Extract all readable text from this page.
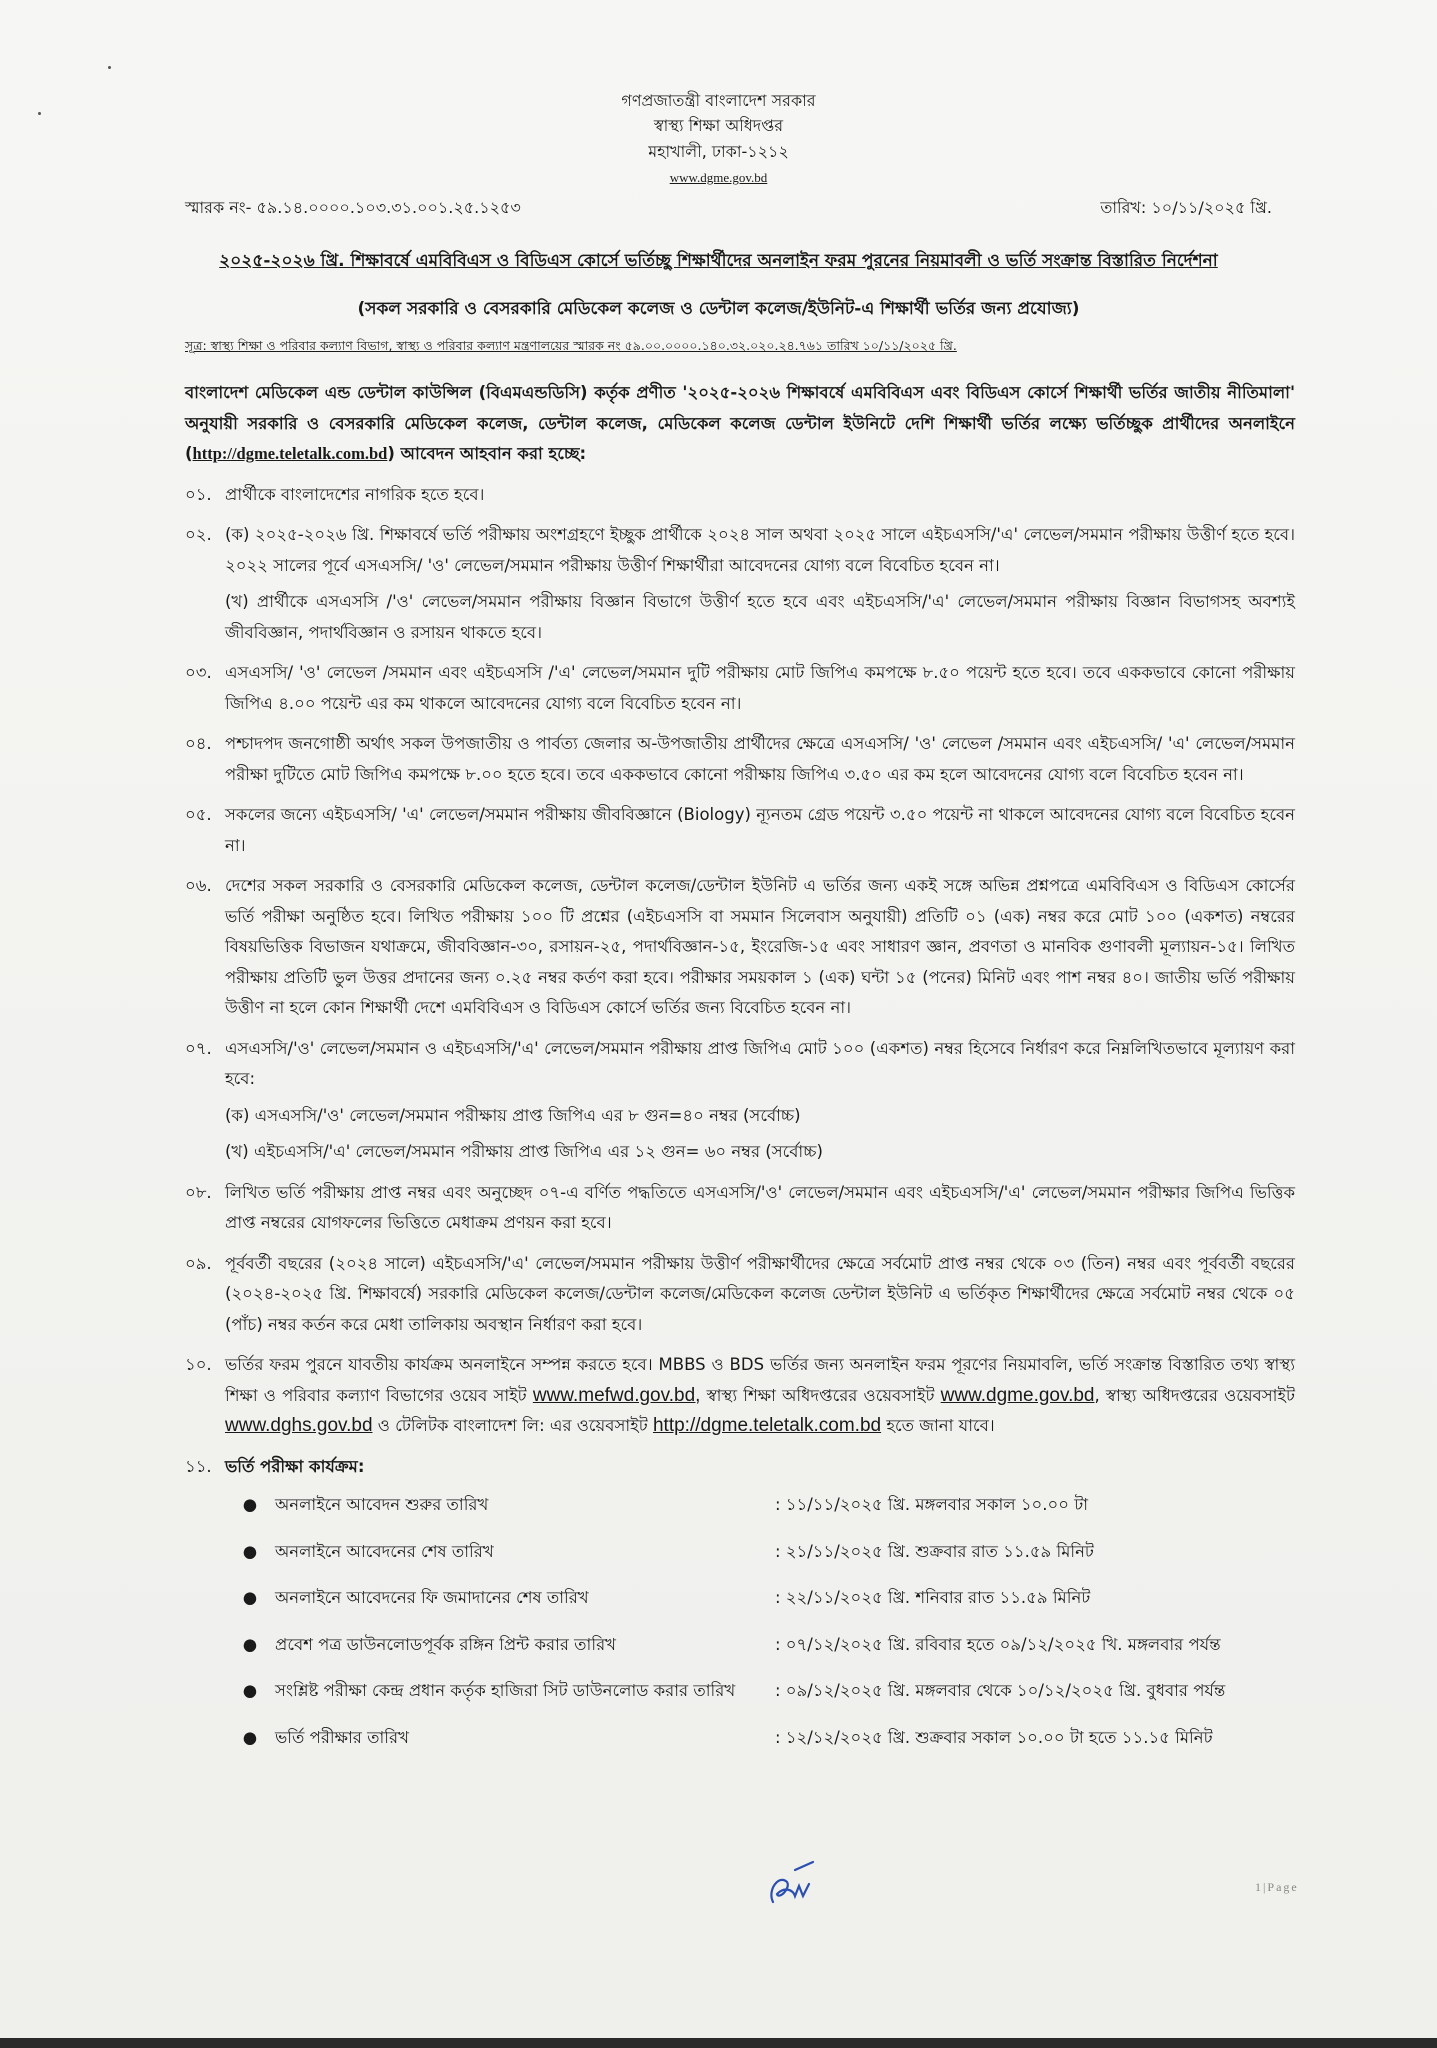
গণপ্রজাতন্ত্রী বাংলাদেশ সরকার
স্বাস্থ্য শিক্ষা অধিদপ্তর
মহাখালী, ঢাকা-১২১২
www.dgme.gov.bd
স্মারক নং- ৫৯.১৪.০০০০.১০৩.৩১.০০১.২৫.১২৫৩	তারিখ: ১০/১১/২০২৫ খ্রি.
২০২৫-২০২৬ খ্রি. শিক্ষাবর্ষে এমবিবিএস ও বিডিএস কোর্সে ভর্তিচ্ছু শিক্ষার্থীদের অনলাইন ফরম পুরনের নিয়মাবলী ও ভর্তি সংক্রান্ত বিস্তারিত নির্দেশনা
(সকল সরকারি ও বেসরকারি মেডিকেল কলেজ ও ডেন্টাল কলেজ/ইউনিট-এ শিক্ষার্থী ভর্তির জন্য প্রযোজ্য)
সূত্র: স্বাস্থ্য শিক্ষা ও পরিবার কল্যাণ বিভাগ, স্বাস্থ্য ও পরিবার কল্যাণ মন্ত্রণালয়ের স্মারক নং ৫৯.০০.০০০০.১৪০.৩২.০২০.২৪.৭৬১ তারিখ ১০/১১/২০২৫ খ্রি.
বাংলাদেশ মেডিকেল এন্ড ডেন্টাল কাউন্সিল (বিএমএন্ডডিসি) কর্তৃক প্রণীত '২০২৫-২০২৬ শিক্ষাবর্ষে এমবিবিএস এবং বিডিএস কোর্সে শিক্ষার্থী ভর্তির জাতীয় নীতিমালা' অনুযায়ী সরকারি ও বেসরকারি মেডিকেল কলেজ, ডেন্টাল কলেজ, মেডিকেল কলেজ ডেন্টাল ইউনিটে দেশি শিক্ষার্থী ভর্তির লক্ষ্যে ভর্তিচ্ছুক প্রার্থীদের অনলাইনে (http://dgme.teletalk.com.bd) আবেদন আহবান করা হচ্ছে:
০১. প্রার্থীকে বাংলাদেশের নাগরিক হতে হবে।

০২. (ক) ২০২৫-২০২৬ খ্রি. শিক্ষাবর্ষে ভর্তি পরীক্ষায় অংশগ্রহণে ইচ্ছুক প্রার্থীকে ২০২৪ সাল অথবা ২০২৫ সালে এইচএসসি/'এ' লেভেল/সমমান পরীক্ষায় উত্তীর্ণ হতে হবে। ২০২২ সালের পূর্বে এসএসসি/ 'ও' লেভেল/সমমান পরীক্ষায় উত্তীর্ণ শিক্ষার্থীরা আবেদনের যোগ্য বলে বিবেচিত হবেন না।

(খ) প্রার্থীকে এসএসসি /'ও' লেভেল/সমমান পরীক্ষায় বিজ্ঞান বিভাগে উত্তীর্ণ হতে হবে এবং এইচএসসি/'এ' লেভেল/সমমান পরীক্ষায় বিজ্ঞান বিভাগসহ অবশ্যই জীববিজ্ঞান, পদার্থবিজ্ঞান ও রসায়ন থাকতে হবে।

০৩. এসএসসি/ 'ও' লেভেল /সমমান এবং এইচএসসি /'এ' লেভেল/সমমান দুটি পরীক্ষায় মোট জিপিএ কমপক্ষে ৮.৫০ পয়েন্ট হতে হবে। তবে এককভাবে কোনো পরীক্ষায় জিপিএ ৪.০০ পয়েন্ট এর কম থাকলে আবেদনের যোগ্য বলে বিবেচিত হবেন না।

০৪. পশ্চাদপদ জনগোষ্ঠী অর্থাৎ সকল উপজাতীয় ও পার্বত্য জেলার অ-উপজাতীয় প্রার্থীদের ক্ষেত্রে এসএসসি/ 'ও' লেভেল /সমমান এবং এইচএসসি/ 'এ' লেভেল/সমমান পরীক্ষা দুটিতে মোট জিপিএ কমপক্ষে ৮.০০ হতে হবে। তবে এককভাবে কোনো পরীক্ষায় জিপিএ ৩.৫০ এর কম হলে আবেদনের যোগ্য বলে বিবেচিত হবেন না।

০৫. সকলের জন্যে এইচএসসি/ 'এ' লেভেল/সমমান পরীক্ষায় জীববিজ্ঞানে (Biology) ন্যূনতম গ্রেড পয়েন্ট ৩.৫০ পয়েন্ট না থাকলে আবেদনের যোগ্য বলে বিবেচিত হবেন না।

০৬. দেশের সকল সরকারি ও বেসরকারি মেডিকেল কলেজ, ডেন্টাল কলেজ/ডেন্টাল ইউনিট এ ভর্তির জন্য একই সঙ্গে অভিন্ন প্রশ্নপত্রে এমবিবিএস ও বিডিএস কোর্সের ভর্তি পরীক্ষা অনুষ্ঠিত হবে। লিখিত পরীক্ষায় ১০০ টি প্রশ্নের (এইচএসসি বা সমমান সিলেবাস অনুযায়ী) প্রতিটি ০১ (এক) নম্বর করে মোট ১০০ (একশত) নম্বরের বিষয়ভিত্তিক বিভাজন যথাক্রমে, জীববিজ্ঞান-৩০, রসায়ন-২৫, পদার্থবিজ্ঞান-১৫, ইংরেজি-১৫ এবং সাধারণ জ্ঞান, প্রবণতা ও মানবিক গুণাবলী মূল্যায়ন-১৫। লিখিত পরীক্ষায় প্রতিটি ভুল উত্তর প্রদানের জন্য ০.২৫ নম্বর কর্তণ করা হবে। পরীক্ষার সময়কাল ১ (এক) ঘন্টা ১৫ (পনের) মিনিট এবং পাশ নম্বর ৪০। জাতীয় ভর্তি পরীক্ষায় উত্তীণ না হলে কোন শিক্ষার্থী দেশে এমবিবিএস ও বিডিএস কোর্সে ভর্তির জন্য বিবেচিত হবেন না।

০৭. এসএসসি/'ও' লেভেল/সমমান ও এইচএসসি/'এ' লেভেল/সমমান পরীক্ষায় প্রাপ্ত জিপিএ মোট ১০০ (একশত) নম্বর হিসেবে নির্ধারণ করে নিম্নলিখিতভাবে মূল্যায়ণ করা হবে:

(ক) এসএসসি/'ও' লেভেল/সমমান পরীক্ষায় প্রাপ্ত জিপিএ এর ৮ গুন=৪০ নম্বর (সর্বোচ্চ)

(খ) এইচএসসি/'এ' লেভেল/সমমান পরীক্ষায় প্রাপ্ত জিপিএ এর ১২ গুন= ৬০ নম্বর (সর্বোচ্চ)

০৮. লিখিত ভর্তি পরীক্ষায় প্রাপ্ত নম্বর এবং অনুচ্ছেদ ০৭-এ বর্ণিত পদ্ধতিতে এসএসসি/'ও' লেভেল/সমমান এবং এইচএসসি/'এ' লেভেল/সমমান পরীক্ষার জিপিএ ভিত্তিক প্রাপ্ত নম্বরের যোগফলের ভিত্তিতে মেধাক্রম প্রণয়ন করা হবে।

০৯. পূর্ববর্তী বছরের (২০২৪ সালে) এইচএসসি/'এ' লেভেল/সমমান পরীক্ষায় উত্তীর্ণ পরীক্ষার্থীদের ক্ষেত্রে সর্বমোট প্রাপ্ত নম্বর থেকে ০৩ (তিন) নম্বর এবং পূর্ববর্তী বছরের (২০২৪-২০২৫ খ্রি. শিক্ষাবর্ষে) সরকারি মেডিকেল কলেজ/ডেন্টাল কলেজ/মেডিকেল কলেজ ডেন্টাল ইউনিট এ ভর্তিকৃত শিক্ষার্থীদের ক্ষেত্রে সর্বমোট নম্বর থেকে ০৫ (পাঁচ) নম্বর কর্তন করে মেধা তালিকায় অবস্থান নির্ধারণ করা হবে।

১০. ভর্তির ফরম পুরনে যাবতীয় কার্যক্রম অনলাইনে সম্পন্ন করতে হবে। MBBS ও BDS ভর্তির জন্য অনলাইন ফরম পূরণের নিয়মাবলি, ভর্তি সংক্রান্ত বিস্তারিত তথ্য স্বাস্থ্য শিক্ষা ও পরিবার কল্যাণ বিভাগের ওয়েব সাইট www.mefwd.gov.bd, স্বাস্থ্য শিক্ষা অধিদপ্তরের ওয়েবসাইট www.dgme.gov.bd, স্বাস্থ্য অধিদপ্তরের ওয়েবসাইট www.dghs.gov.bd ও টেলিটক বাংলাদেশ লি: এর ওয়েবসাইট http://dgme.teletalk.com.bd হতে জানা যাবে।
১১. ভর্তি পরীক্ষা কার্যক্রম:
●	অনলাইনে আবেদন শুরুর তারিখ	: ১১/১১/২০২৫ খ্রি. মঙ্গলবার সকাল ১০.০০ টা
●	অনলাইনে আবেদনের শেষ তারিখ	: ২১/১১/২০২৫ খ্রি. শুক্রবার রাত ১১.৫৯ মিনিট
●	অনলাইনে আবেদনের ফি জমাদানের শেষ তারিখ	: ২২/১১/২০২৫ খ্রি. শনিবার রাত ১১.৫৯ মিনিট
●	প্রবেশ পত্র ডাউনলোডপূর্বক রঙ্গিন প্রিন্ট করার তারিখ	: ০৭/১২/২০২৫ খ্রি. রবিবার হতে ০৯/১২/২০২৫ খি. মঙ্গলবার পর্যন্ত
●	সংশ্লিষ্ট পরীক্ষা কেন্দ্র প্রধান কর্তৃক হাজিরা সিট ডাউনলোড করার তারিখ	: ০৯/১২/২০২৫ খ্রি. মঙ্গলবার থেকে ১০/১২/২০২৫ খ্রি. বুধবার পর্যন্ত
●	ভর্তি পরীক্ষার তারিখ	: ১২/১২/২০২৫ খ্রি. শুক্রবার সকাল ১০.০০ টা হতে ১১.১৫ মিনিট
1|Page
